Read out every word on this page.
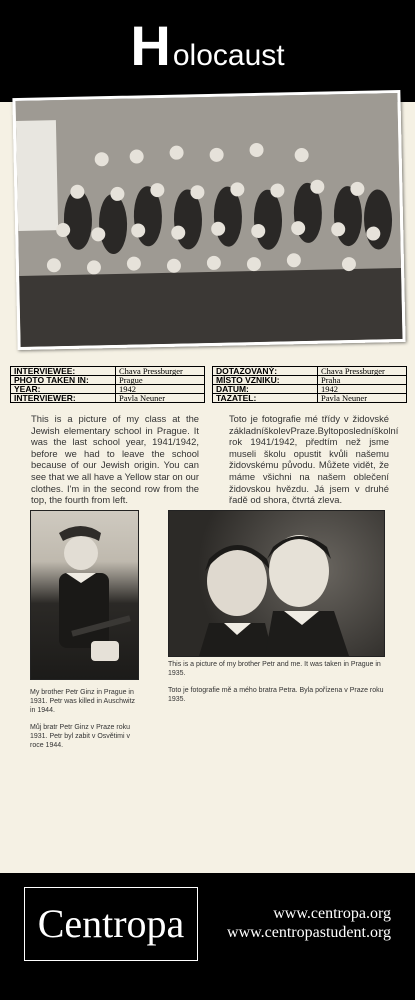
Holocaust
INTERVIEWEE:	Chava Pressburger
PHOTO TAKEN IN:	Prague
YEAR:	1942
INTERVIEWER:	Pavla Neuner
DOTAZOVANÝ:	Chava Pressburger
MÍSTO VZNIKU:	Praha
DATUM:	1942
TAZATEL:	Pavla Neuner
This is a picture of my class at the Jewish elementary school in Prague. It was the last school year, 1941/1942, before we had to leave the school because of our Jewish origin. You can see that we all have a Yellow star on our clothes. I'm in the second row from the top, the fourth from left.
Toto je fotografie mé třídy v židovské základníškolevPraze.Byltoposledníškolní rok 1941/1942, předtím než jsme museli školu opustit kvůli našemu židovskému původu. Můžete vidět, že máme všichni na našem oblečení židovskou hvězdu. Já jsem v druhé řadě od shora, čtvrtá zleva.
My brother Petr Ginz in Prague in 1931. Petr was killed in Auschwitz in 1944.
Můj bratr Petr Ginz v Praze roku 1931. Petr byl zabit v Osvětimi v roce 1944.
This is a picture of my brother Petr and me. It was taken in Prague in 1935.
Toto je fotografie mě a mého bratra Petra. Byla pořízena v Praze roku 1935.
Centropa	www.centropa.org
www.centropastudent.org
